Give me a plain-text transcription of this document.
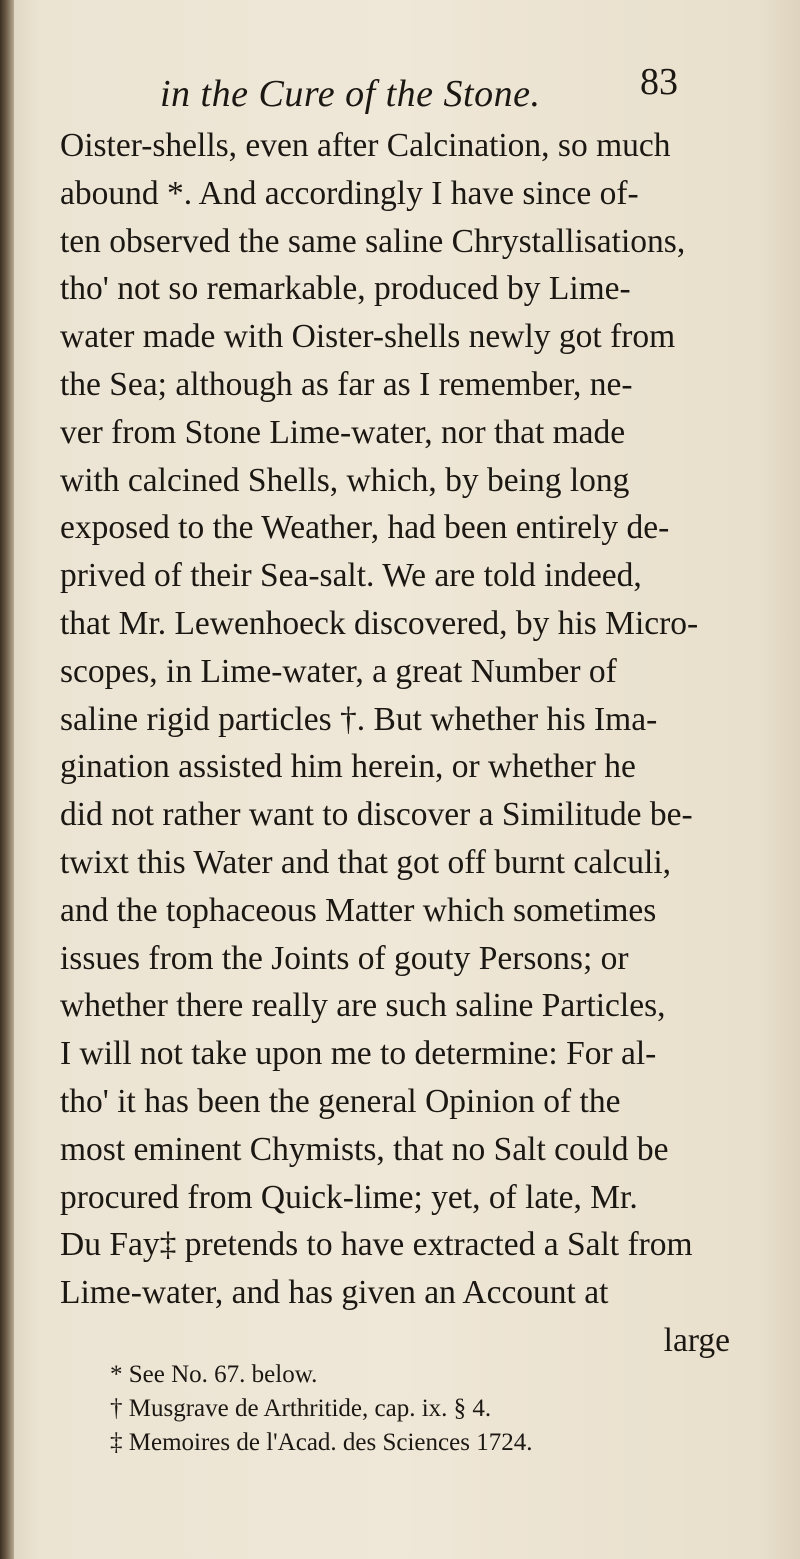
in the Cure of the Stone.	83
Oister-shells, even after Calcination, so much
abound *. And accordingly I have since of-
ten observed the same saline Chrystallisations,
tho' not so remarkable, produced by Lime-
water made with Oister-shells newly got from
the Sea; although as far as I remember, ne-
ver from Stone Lime-water, nor that made
with calcined Shells, which, by being long
exposed to the Weather, had been entirely de-
prived of their Sea-salt. We are told indeed,
that Mr. Lewenhoeck discovered, by his Micro-
scopes, in Lime-water, a great Number of
saline rigid particles †. But whether his Ima-
gination assisted him herein, or whether he
did not rather want to discover a Similitude be-
twixt this Water and that got off burnt calculi,
and the tophaceous Matter which sometimes
issues from the Joints of gouty Persons; or
whether there really are such saline Particles,
I will not take upon me to determine: For al-
tho' it has been the general Opinion of the
most eminent Chymists, that no Salt could be
procured from Quick-lime; yet, of late, Mr.
Du Fay‡ pretends to have extracted a Salt from
Lime-water, and has given an Account at
large
* See No. 67. below.
† Musgrave de Arthritide, cap. ix. § 4.
‡ Memoires de l'Acad. des Sciences 1724.
